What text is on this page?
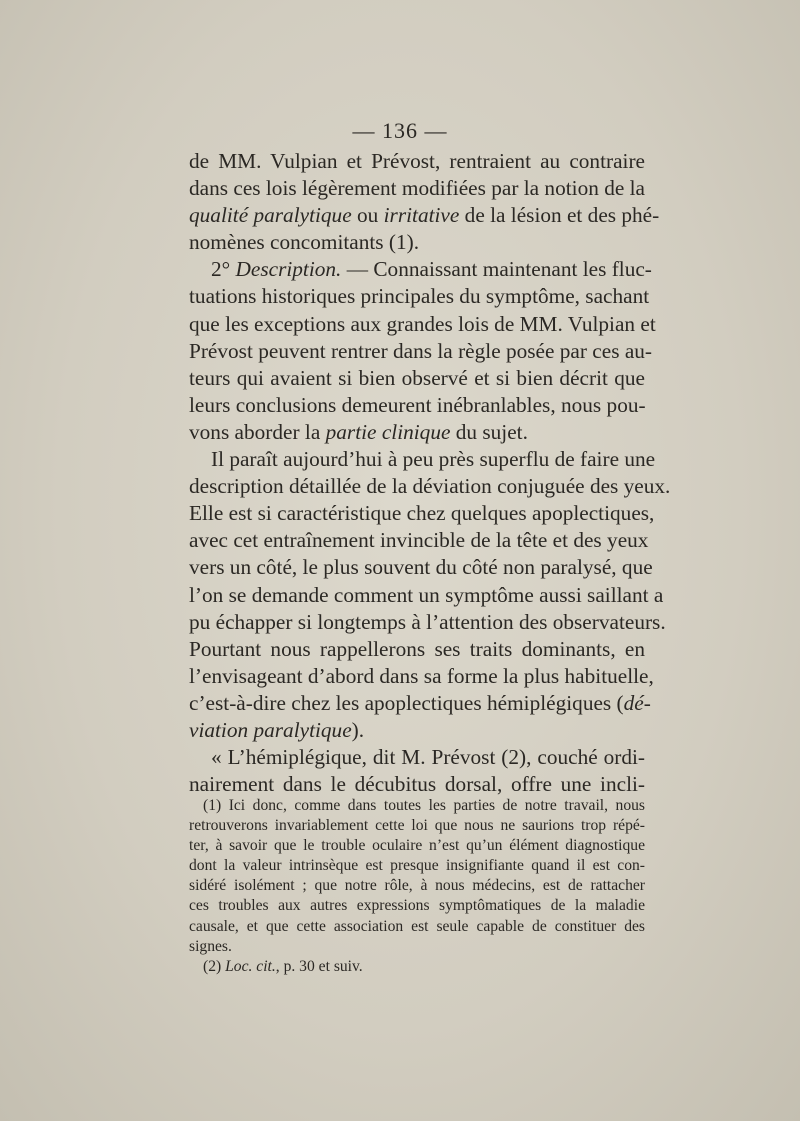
— 136 —
de MM. Vulpian et Prévost, rentraient au contraire
dans ces lois légèrement modifiées par la notion de la
qualité paralytique ou irritative de la lésion et des phé-
nomènes concomitants (1).
2° Description. — Connaissant maintenant les fluc-
tuations historiques principales du symptôme, sachant
que les exceptions aux grandes lois de MM. Vulpian et
Prévost peuvent rentrer dans la règle posée par ces au-
teurs qui avaient si bien observé et si bien décrit que
leurs conclusions demeurent inébranlables, nous pou-
vons aborder la partie clinique du sujet.
Il paraît aujourd’hui à peu près superflu de faire une
description détaillée de la déviation conjuguée des yeux.
Elle est si caractéristique chez quelques apoplectiques,
avec cet entraînement invincible de la tête et des yeux
vers un côté, le plus souvent du côté non paralysé, que
l’on se demande comment un symptôme aussi saillant a
pu échapper si longtemps à l’attention des observateurs.
Pourtant nous rappellerons ses traits dominants, en
l’envisageant d’abord dans sa forme la plus habituelle,
c’est-à-dire chez les apoplectiques hémiplégiques (dé-
viation paralytique).
« L’hémiplégique, dit M. Prévost (2), couché ordi-
nairement dans le décubitus dorsal, offre une incli-
(1) Ici donc, comme dans toutes les parties de notre travail, nous
retrouverons invariablement cette loi que nous ne saurions trop répé-
ter, à savoir que le trouble oculaire n’est qu’un élément diagnostique
dont la valeur intrinsèque est presque insignifiante quand il est con-
sidéré isolément ; que notre rôle, à nous médecins, est de rattacher
ces troubles aux autres expressions symptômatiques de la maladie
causale, et que cette association est seule capable de constituer des
signes.
(2) Loc. cit., p. 30 et suiv.
